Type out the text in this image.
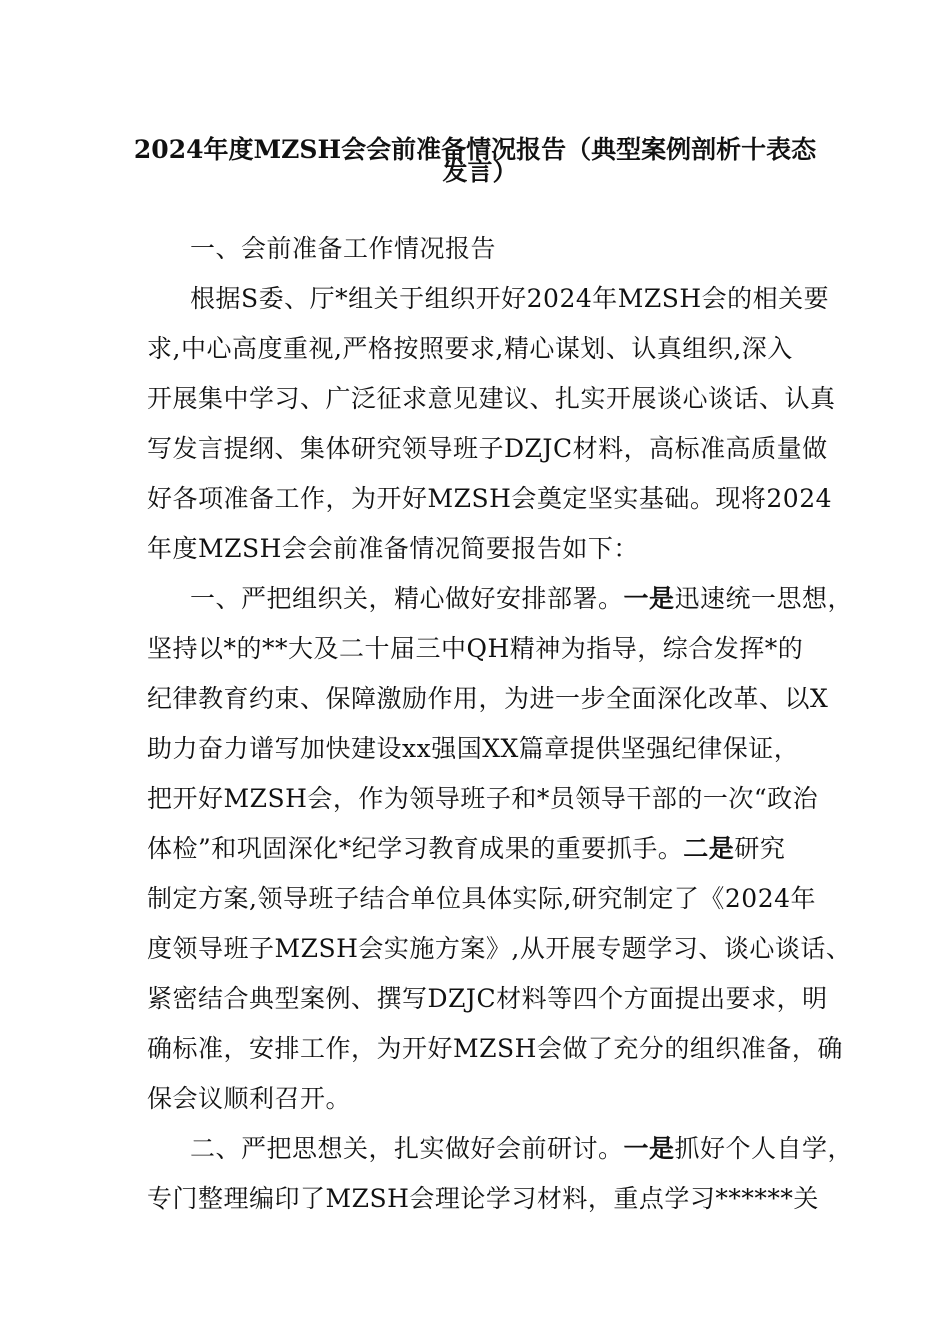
2024年度MZSH会会前准备情况报告（典型案例剖析十表态
发言）
一、会前准备工作情况报告
根据S委、厅*组关于组织开好2024年MZSH会的相关要
求,中心高度重视,严格按照要求,精心谋划、认真组织,深入
开展集中学习、广泛征求意见建议、扎实开展谈心谈话、认真
写发言提纲、集体研究领导班子DZJC材料，高标准高质量做
好各项准备工作，为开好MZSH会奠定坚实基础。现将2024
年度MZSH会会前准备情况简要报告如下：
一、严把组织关，精心做好安排部署。一是迅速统一思想，
坚持以*的**大及二十届三中QH精神为指导，综合发挥*的
纪律教育约束、保障激励作用，为进一步全面深化改革、以X
助力奋力谱写加快建设xx强国XX篇章提供坚强纪律保证，
把开好MZSH会，作为领导班子和*员领导干部的一次“政治
体检”和巩固深化*纪学习教育成果的重要抓手。二是研究
制定方案,领导班子结合单位具体实际,研究制定了《2024年
度领导班子MZSH会实施方案》,从开展专题学习、谈心谈话、
紧密结合典型案例、撰写DZJC材料等四个方面提出要求，明
确标准，安排工作，为开好MZSH会做了充分的组织准备，确
保会议顺利召开。
二、严把思想关，扎实做好会前研讨。一是抓好个人自学，
专门整理编印了MZSH会理论学习材料，重点学习******关
